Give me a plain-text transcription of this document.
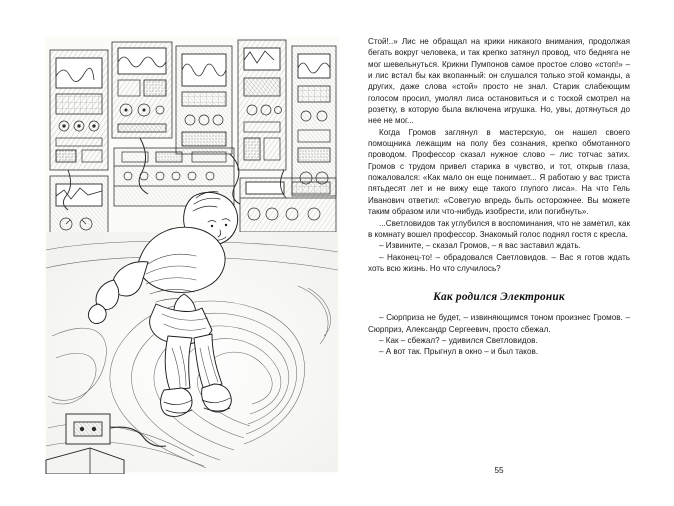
Стой!..» Лис не обращал на крики никакого внимания, продолжая бегать вокруг человека, и так крепко затянул провод, что бедняга не мог шевельнуться. Крикни Пумпонов самое простое слово «стоп!» – и лис встал бы как вкопанный: он слушался только этой команды, а других, даже слова «стой» просто не знал. Старик слабеющим голосом просил, умолял лиса остановиться и с тоской смотрел на розетку, в которую была включена игрушка. Но, увы, дотянуться до нее не мог...

Когда Громов заглянул в мастерскую, он нашел своего помощника лежащим на полу без сознания, крепко обмотанного проводом. Профессор сказал нужное слово – лис тотчас затих. Громов с трудом привел старика в чувство, и тот, открыв глаза, пожаловался: «Как мало он еще понимает... Я работаю у вас триста пятьдесят лет и не вижу еще такого глупого лиса». На что Гель Иванович ответил: «Советую впредь быть осторожнее. Вы можете таким образом или что-нибудь изобрести, или погибнуть».

...Светловидов так углубился в воспоминания, что не заметил, как в комнату вошел профессор. Знакомый голос поднял гостя с кресла.

– Извините, – сказал Громов, – я вас заставил ждать.

– Наконец-то! – обрадовался Светловидов. – Вас я готов ждать хоть всю жизнь. Но что случилось?

Как родился Электроник

– Сюрприза не будет, – извиняющимся тоном произнес Громов. – Сюрприз, Александр Сергеевич, просто сбежал.

– Как – сбежал? – удивился Светловидов.

– А вот так. Прыгнул в окно – и был таков.

55
